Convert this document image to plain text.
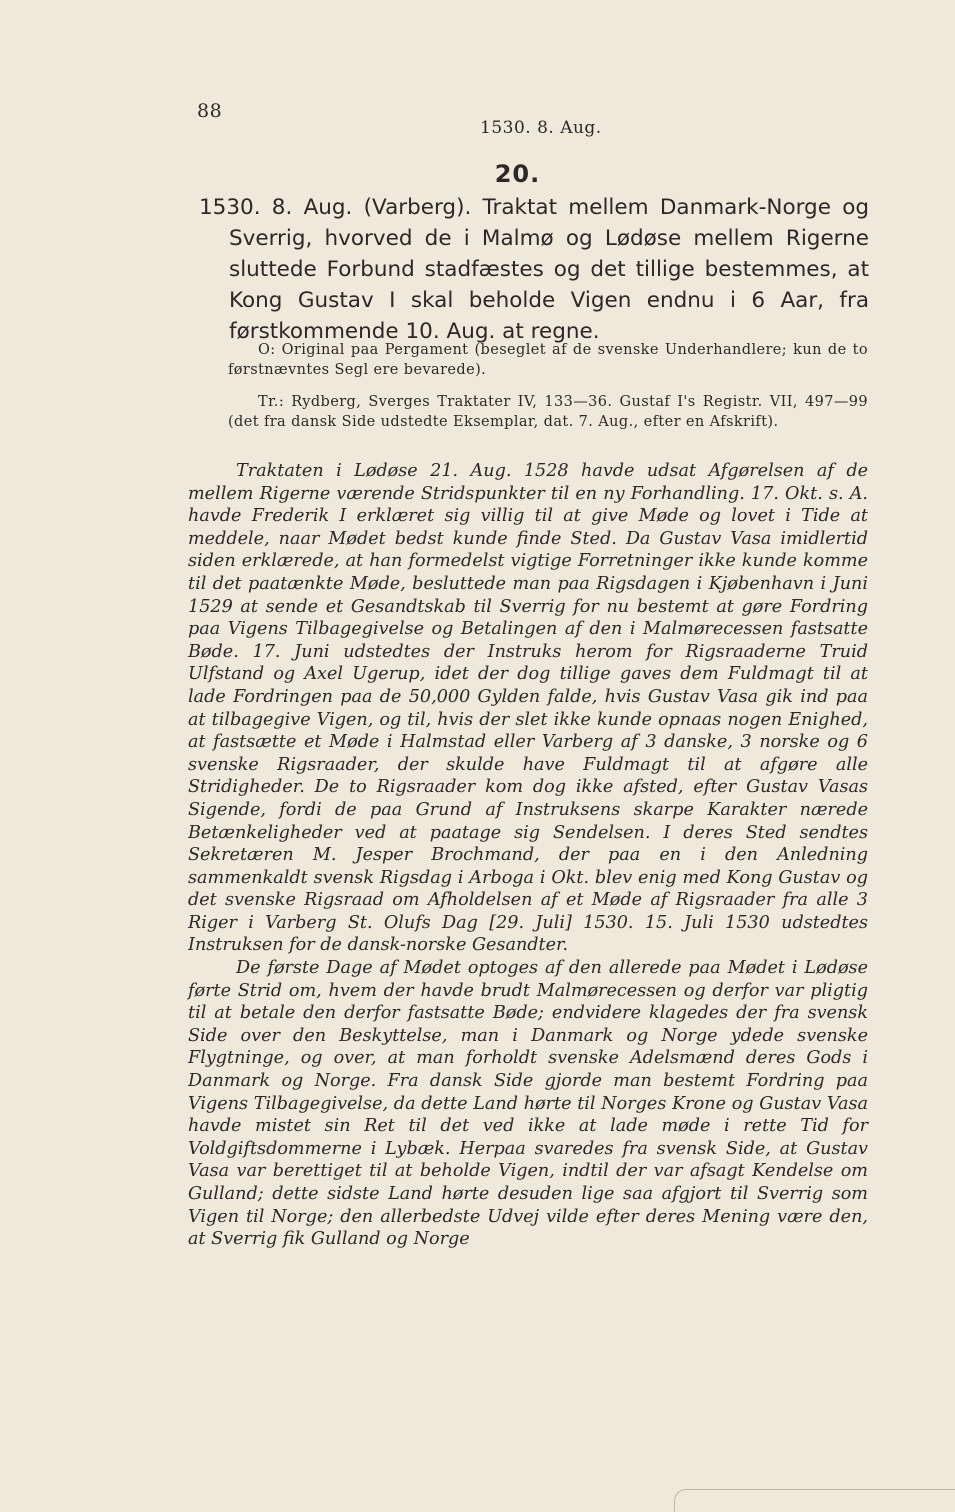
88
1530. 8. Aug.
20.
1530. 8. Aug. (Varberg). Traktat mellem Danmark-Norge og Sverrig, hvorved de i Malmø og Lødøse mellem Rigerne sluttede Forbund stadfæstes og det tillige bestemmes, at Kong Gustav I skal beholde Vigen endnu i 6 Aar, fra førstkommende 10. Aug. at regne.

O: Original paa Pergament (beseglet af de svenske Underhandlere; kun de to førstnævntes Segl ere bevarede).

Tr.: Rydberg, Sverges Traktater IV, 133—36. Gustaf I's Registr. VII, 497—99 (det fra dansk Side udstedte Eksemplar, dat. 7. Aug., efter en Afskrift).

Traktaten i Lødøse 21. Aug. 1528 havde udsat Afgørelsen af de mellem Rigerne værende Stridspunkter til en ny Forhandling. 17. Okt. s. A. havde Frederik I erklæret sig villig til at give Møde og lovet i Tide at meddele, naar Mødet bedst kunde finde Sted. Da Gustav Vasa imidlertid siden erklærede, at han formedelst vigtige Forretninger ikke kunde komme til det paatænkte Møde, besluttede man paa Rigsdagen i Kjøbenhavn i Juni 1529 at sende et Gesandtskab til Sverrig for nu bestemt at gøre Fordring paa Vigens Tilbagegivelse og Betalingen af den i Malmørecessen fastsatte Bøde. 17. Juni udstedtes der Instruks herom for Rigsraaderne Truid Ulfstand og Axel Ugerup, idet der dog tillige gaves dem Fuldmagt til at lade Fordringen paa de 50,000 Gylden falde, hvis Gustav Vasa gik ind paa at tilbagegive Vigen, og til, hvis der slet ikke kunde opnaas nogen Enighed, at fastsætte et Møde i Halmstad eller Varberg af 3 danske, 3 norske og 6 svenske Rigsraader, der skulde have Fuldmagt til at afgøre alle Stridigheder. De to Rigsraader kom dog ikke afsted, efter Gustav Vasas Sigende, fordi de paa Grund af Instruksens skarpe Karakter nærede Betænkeligheder ved at paatage sig Sendelsen. I deres Sted sendtes Sekretæren M. Jesper Brochmand, der paa en i den Anledning sammenkaldt svensk Rigsdag i Arboga i Okt. blev enig med Kong Gustav og det svenske Rigsraad om Afholdelsen af et Møde af Rigsraader fra alle 3 Riger i Varberg St. Olufs Dag [29. Juli] 1530. 15. Juli 1530 udstedtes Instruksen for de dansk-norske Gesandter.

De første Dage af Mødet optoges af den allerede paa Mødet i Lødøse førte Strid om, hvem der havde brudt Malmørecessen og derfor var pligtig til at betale den derfor fastsatte Bøde; endvidere klagedes der fra svensk Side over den Beskyttelse, man i Danmark og Norge ydede svenske Flygtninge, og over, at man forholdt svenske Adelsmænd deres Gods i Danmark og Norge. Fra dansk Side gjorde man bestemt Fordring paa Vigens Tilbagegivelse, da dette Land hørte til Norges Krone og Gustav Vasa havde mistet sin Ret til det ved ikke at lade møde i rette Tid for Voldgiftsdommerne i Lybæk. Herpaa svaredes fra svensk Side, at Gustav Vasa var berettiget til at beholde Vigen, indtil der var afsagt Kendelse om Gulland; dette sidste Land hørte desuden lige saa afgjort til Sverrig som Vigen til Norge; den allerbedste Udvej vilde efter deres Mening være den, at Sverrig fik Gulland og Norge
